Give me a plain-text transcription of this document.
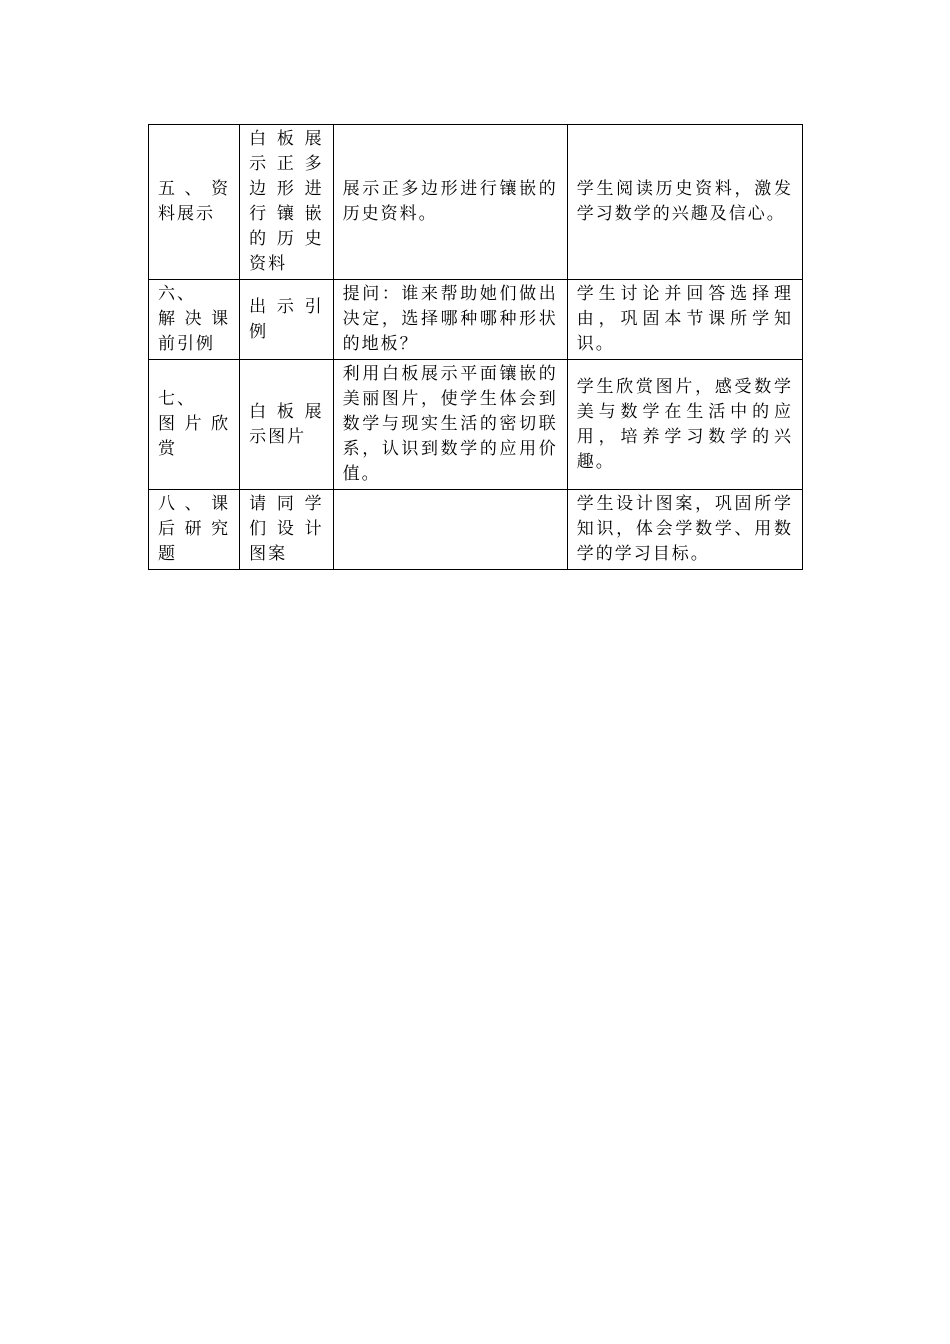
五、资料展示	白板展示正多边形进行镶嵌的历史资料	展示正多边形进行镶嵌的历史资料。	学生阅读历史资料，激发学习数学的兴趣及信心。

六、
解决课前引例	出示引例	提问：谁来帮助她们做出决定，选择哪种哪种形状的地板？	学生讨论并回答选择理由，巩固本节课所学知识。

七、
图片欣赏	白板展示图片	利用白板展示平面镶嵌的美丽图片，使学生体会到数学与现实生活的密切联系，认识到数学的应用价值。	学生欣赏图片，感受数学美与数学在生活中的应用，培养学习数学的兴趣。

八、课后研究题	请同学们设计图案		学生设计图案，巩固所学知识，体会学数学、用数学的学习目标。
